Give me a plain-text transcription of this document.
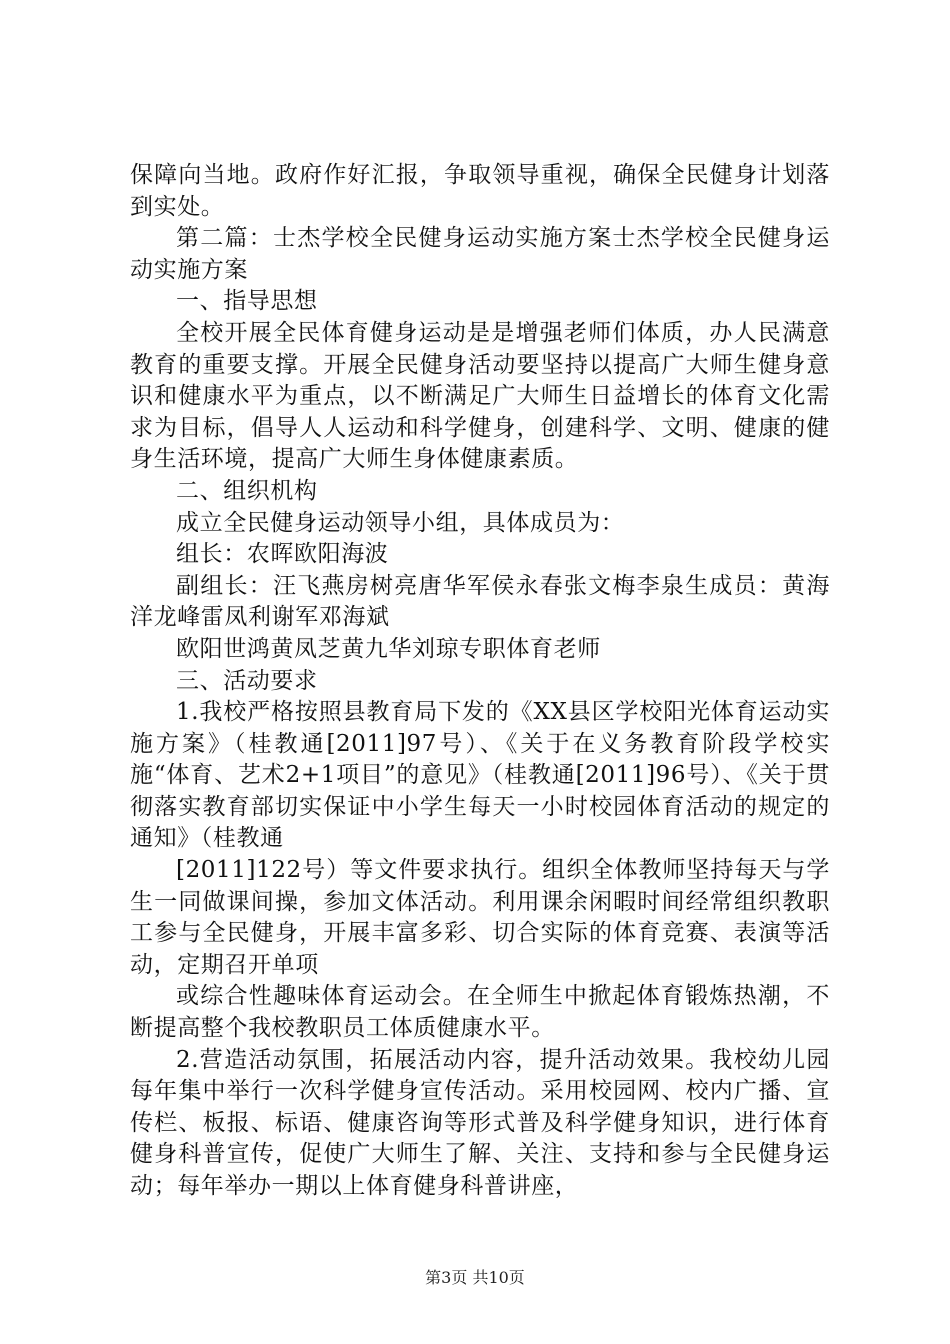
保障向当地。政府作好汇报，争取领导重视，确保全民健身计划落到实处。

第二篇：士杰学校全民健身运动实施方案士杰学校全民健身运动实施方案

一、指导思想

全校开展全民体育健身运动是是增强老师们体质，办人民满意教育的重要支撑。开展全民健身活动要坚持以提高广大师生健身意识和健康水平为重点，以不断满足广大师生日益增长的体育文化需求为目标，倡导人人运动和科学健身，创建科学、文明、健康的健身生活环境，提高广大师生身体健康素质。

二、组织机构

成立全民健身运动领导小组，具体成员为：

组长：农晖欧阳海波

副组长：汪飞燕房树亮唐华军侯永春张文梅李泉生成员：黄海洋龙峰雷凤利谢军邓海斌

欧阳世鸿黄凤芝黄九华刘琼专职体育老师

三、活动要求

1.我校严格按照县教育局下发的《XX县区学校阳光体育运动实施方案》（桂教通[2011]97号）、《关于在义务教育阶段学校实施“体育、艺术2+1项目”的意见》（桂教通[2011]96号）、《关于贯彻落实教育部切实保证中小学生每天一小时校园体育活动的规定的通知》（桂教通

[2011]122号）等文件要求执行。组织全体教师坚持每天与学生一同做课间操，参加文体活动。利用课余闲暇时间经常组织教职工参与全民健身，开展丰富多彩、切合实际的体育竞赛、表演等活动，定期召开单项

或综合性趣味体育运动会。在全师生中掀起体育锻炼热潮，不断提高整个我校教职员工体质健康水平。

2.营造活动氛围，拓展活动内容，提升活动效果。我校幼儿园每年集中举行一次科学健身宣传活动。采用校园网、校内广播、宣传栏、板报、标语、健康咨询等形式普及科学健身知识，进行体育健身科普宣传，促使广大师生了解、关注、支持和参与全民健身运动；每年举办一期以上体育健身科普讲座，

第3页 共10页
